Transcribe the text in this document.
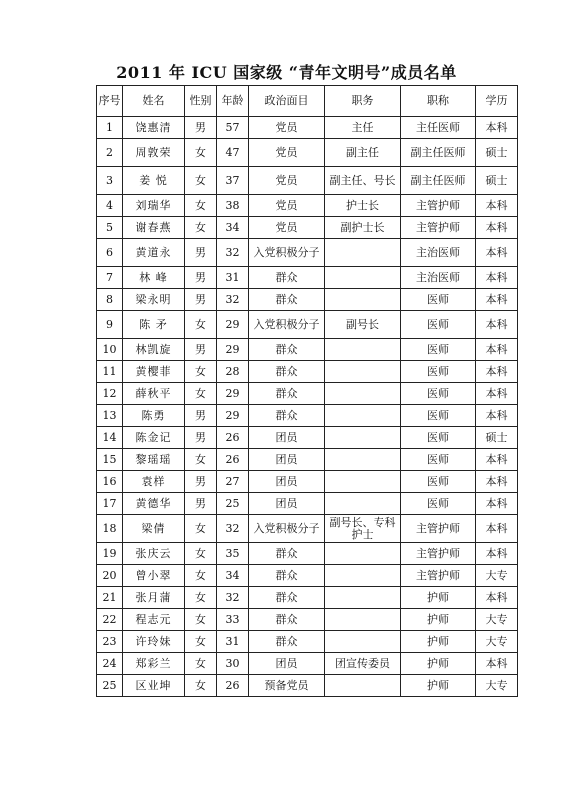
2011 年 ICU 国家级 “青年文明号”成员名单
序号	姓名	性别	年龄	政治面目	职务	职称	学历
1	饶惠清	男	57	党员	主任	主任医师	本科
2	周敦荣	女	47	党员	副主任	副主任医师	硕士
3	姜 悦	女	37	党员	副主任、号长	副主任医师	硕士
4	刘瑞华	女	38	党员	护士长	主管护师	本科
5	谢春燕	女	34	党员	副护士长	主管护师	本科
6	黄道永	男	32	入党积极分子		主治医师	本科
7	林 峰	男	31	群众		主治医师	本科
8	梁永明	男	32	群众		医师	本科
9	陈 矛	女	29	入党积极分子	副号长	医师	本科
10	林凯旋	男	29	群众		医师	本科
11	黄樱菲	女	28	群众		医师	本科
12	薛秋平	女	29	群众		医师	本科
13	陈勇	男	29	群众		医师	本科
14	陈金记	男	26	团员		医师	硕士
15	黎瑶瑶	女	26	团员		医师	本科
16	袁样	男	27	团员		医师	本科
17	黄德华	男	25	团员		医师	本科
18	梁倩	女	32	入党积极分子	副号长、专科护士	主管护师	本科
19	张庆云	女	35	群众		主管护师	本科
20	曾小翠	女	34	群众		主管护师	大专
21	张月蒲	女	32	群众		护师	本科
22	程志元	女	33	群众		护师	大专
23	许玲妹	女	31	群众		护师	大专
24	郑彩兰	女	30	团员	团宣传委员	护师	本科
25	区业坤	女	26	预备党员		护师	大专
